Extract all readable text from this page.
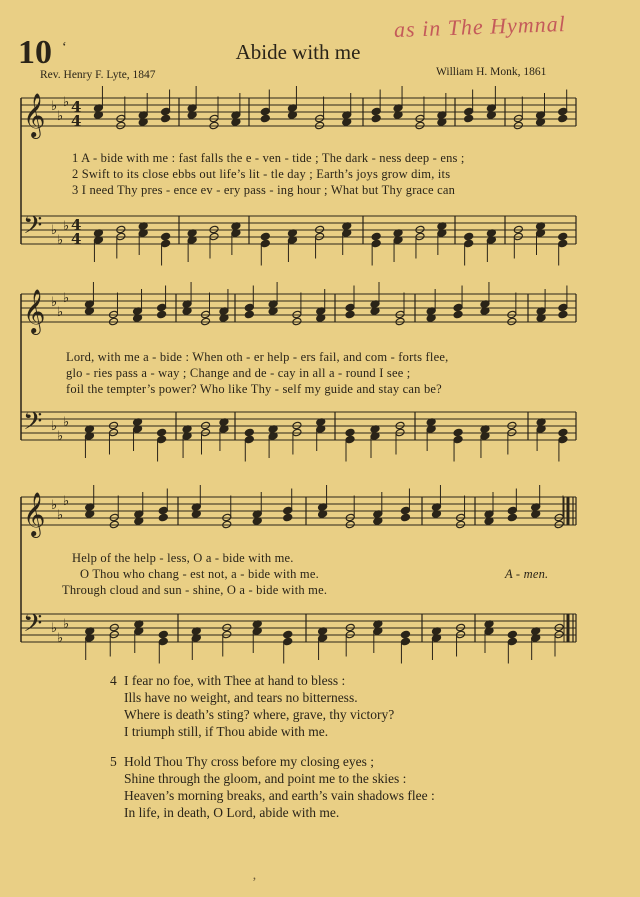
10 ‘	Abide with me
as in The Hymnal
Rev. Henry F. Lyte, 1847	William H. Monk, 1861
𝄞 ♭
♭
♭ 4
4
𝄢 ♭
♭
♭ 4
4
𝄞 ♭
♭
♭
𝄢 ♭
♭
♭
𝄞 ♭
♭
♭
𝄢 ♭
♭
♭
1 A - bide with me : fast falls the e - ven - tide ; The dark - ness deep - ens ;
2 Swift to its close ebbs out life’s lit - tle day ; Earth’s joys grow dim, its
3 I need Thy pres - ence ev - ery pass - ing hour ; What but Thy grace can
Lord, with me a - bide : When oth - er help - ers fail, and com - forts flee,
glo - ries pass a - way ; Change and de - cay in all a - round I see ;
foil the tempter’s power? Who like Thy - self my guide and stay can be?
Help of the help - less, O a - bide with me.
O Thou who chang - est not, a - bide with me.
Through cloud and sun - shine, O a - bide with me.
A - men.
4 I fear no foe, with Thee at hand to bless :
Ills have no weight, and tears no bitterness.
Where is death’s sting? where, grave, thy victory?
I triumph still, if Thou abide with me.
5 Hold Thou Thy cross before my closing eyes ;
Shine through the gloom, and point me to the skies :
Heaven’s morning breaks, and earth’s vain shadows flee :
In life, in death, O Lord, abide with me.
‚
